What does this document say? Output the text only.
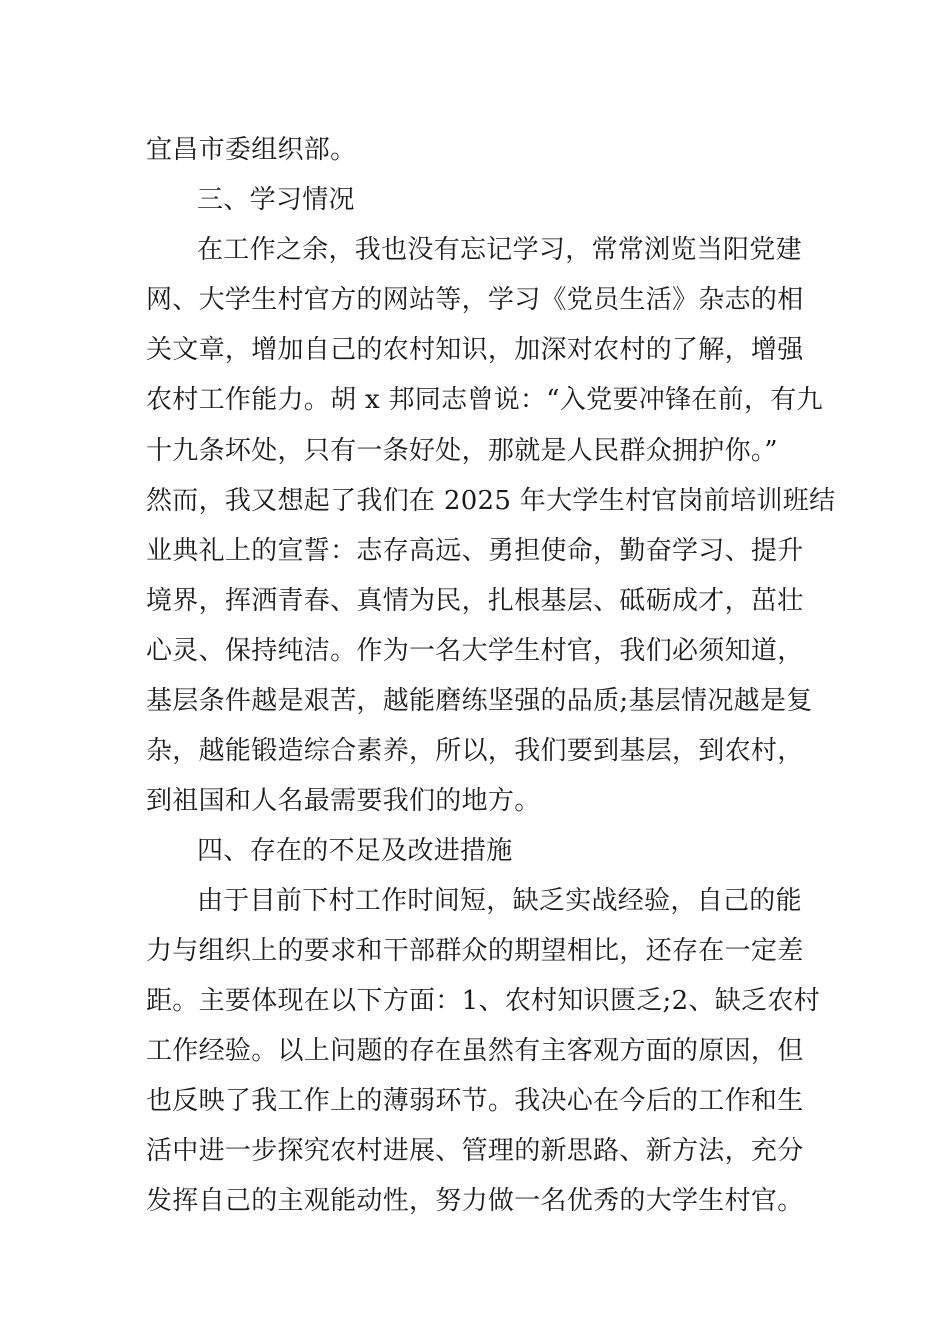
宜昌市委组织部。
三、学习情况
在工作之余，我也没有忘记学习，常常浏览当阳党建
网、大学生村官方的网站等，学习《党员生活》杂志的相
关文章，增加自己的农村知识，加深对农村的了解，增强
农村工作能力。胡 x 邦同志曾说：“入党要冲锋在前，有九
十九条坏处，只有一条好处，那就是人民群众拥护你。”
然而，我又想起了我们在 2025 年大学生村官岗前培训班结
业典礼上的宣誓：志存高远、勇担使命，勤奋学习、提升
境界，挥洒青春、真情为民，扎根基层、砥砺成才，茁壮
心灵、保持纯洁。作为一名大学生村官，我们必须知道，
基层条件越是艰苦，越能磨练坚强的品质;基层情况越是复
杂，越能锻造综合素养，所以，我们要到基层，到农村，
到祖国和人名最需要我们的地方。
四、存在的不足及改进措施
由于目前下村工作时间短，缺乏实战经验，自己的能
力与组织上的要求和干部群众的期望相比，还存在一定差
距。主要体现在以下方面：1、农村知识匮乏;2、缺乏农村
工作经验。以上问题的存在虽然有主客观方面的原因，但
也反映了我工作上的薄弱环节。我决心在今后的工作和生
活中进一步探究农村进展、管理的新思路、新方法，充分
发挥自己的主观能动性，努力做一名优秀的大学生村官。
